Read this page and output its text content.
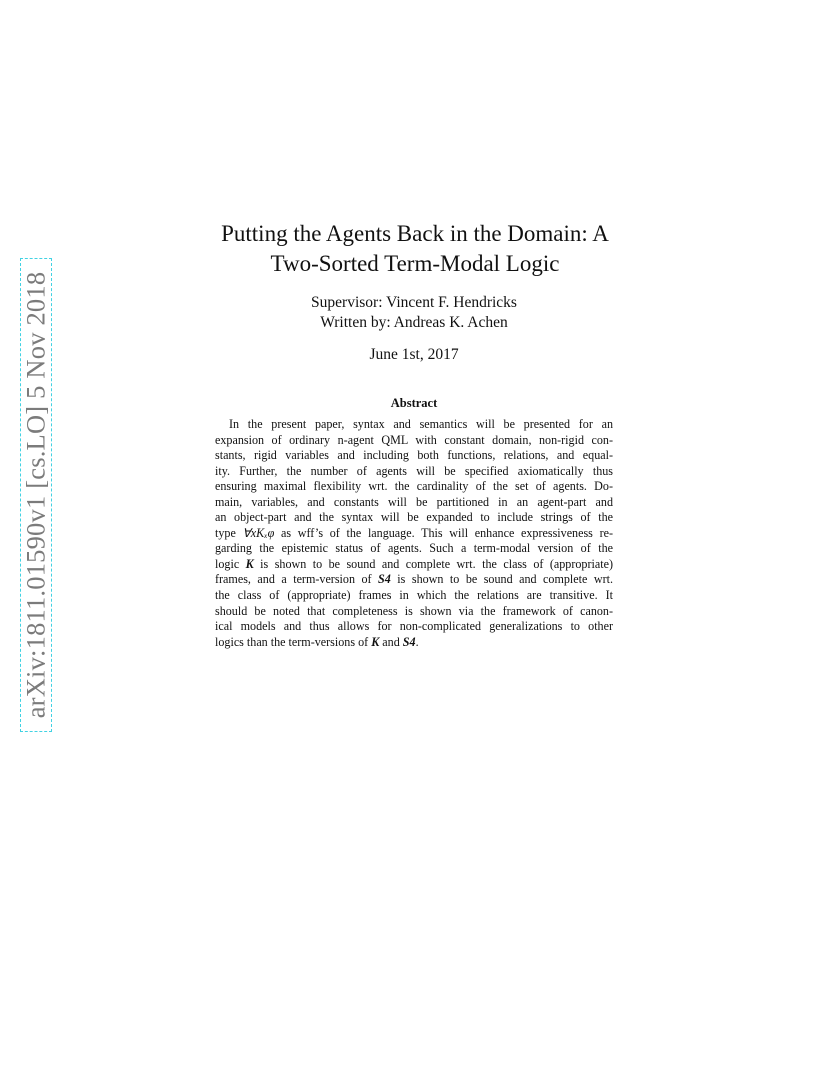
arXiv:1811.01590v1 [cs.LO] 5 Nov 2018
Putting the Agents Back in the Domain: A
Two-Sorted Term-Modal Logic
Supervisor: Vincent F. Hendricks
Written by: Andreas K. Achen
June 1st, 2017
Abstract
In the present paper, syntax and semantics will be presented for an
expansion of ordinary n-agent QML with constant domain, non-rigid con-
stants, rigid variables and including both functions, relations, and equal-
ity. Further, the number of agents will be specified axiomatically thus
ensuring maximal flexibility wrt. the cardinality of the set of agents. Do-
main, variables, and constants will be partitioned in an agent-part and
an object-part and the syntax will be expanded to include strings of the
type ∀xKₓφ as wff’s of the language. This will enhance expressiveness re-
garding the epistemic status of agents. Such a term-modal version of the
logic K is shown to be sound and complete wrt. the class of (appropriate)
frames, and a term-version of S4 is shown to be sound and complete wrt.
the class of (appropriate) frames in which the relations are transitive. It
should be noted that completeness is shown via the framework of canon-
ical models and thus allows for non-complicated generalizations to other
logics than the term-versions of K and S4.
